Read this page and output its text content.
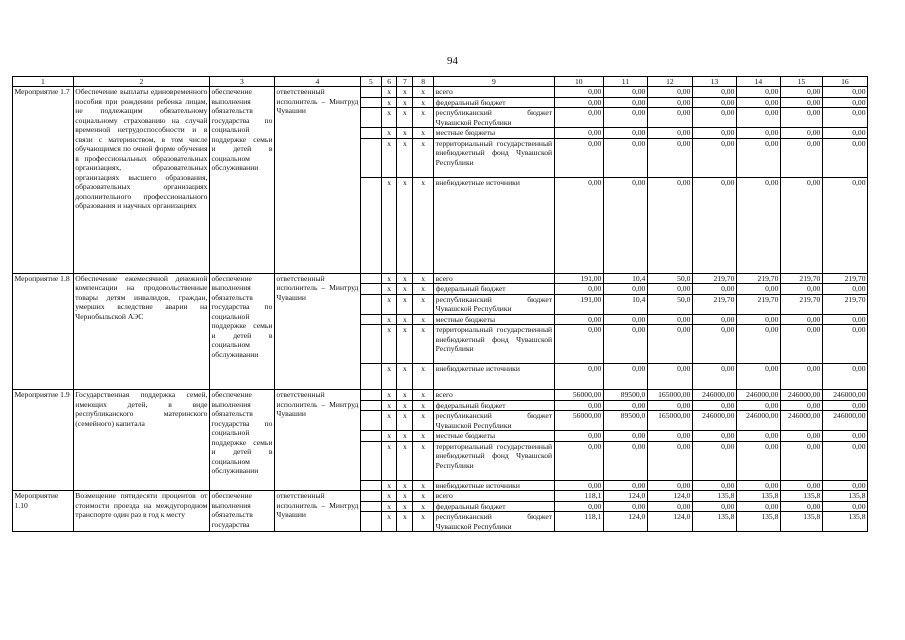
94
1	2	3	4	5	6	7	8	9	10	11	12	13	14	15	16
Мероприятие 1.7	Обеспечение выплаты единовременного пособия при рождении ребенка лицам, не подлежащим обязательному социальному страхованию на случай временной нетрудоспособности и в связи с материнством, в том числе обучающимся по очной форме обучения в профессиональных образовательных организациях, образовательных организациях высшего образования, образовательных организациях дополнительного профессионального образования и научных организациях	обеспечение выполнения обязательств государства по социальной поддержке семьи и детей в социальном обслуживании	ответственный исполнитель – Минтруд Чувашии		х	х	х	всего	0,00	0,00	0,00	0,00	0,00	0,00	0,00
					х	х	х	федеральный бюджет	0,00	0,00	0,00	0,00	0,00	0,00	0,00
					х	х	х	республиканский бюджет Чувашской Республики	0,00	0,00	0,00	0,00	0,00	0,00	0,00
					х	х	х	местные бюджеты	0,00	0,00	0,00	0,00	0,00	0,00	0,00
					х	х	х	территориальный государственный внебюджетный фонд Чувашской Республики	0,00	0,00	0,00	0,00	0,00	0,00	0,00
					х	х	х	внебюджетные источники	0,00	0,00	0,00	0,00	0,00	0,00	0,00
Мероприятие 1.8	Обеспечение ежемесячной денежной компенсации на продовольственные товары детям инвалидов, граждан, умерших вследствие аварии на Чернобыльской АЭС	обеспечение выполнения обязательств государства по социальной поддержке семьи и детей в социальном обслуживании	ответственный исполнитель – Минтруд Чувашии		х	х	х	всего	191,00	10,4	50,0	219,70	219,70	219,70	219,70
					х	х	х	федеральный бюджет	0,00	0,00	0,00	0,00	0,00	0,00	0,00
					х	х	х	республиканский бюджет Чувашской Республики	191,00	10,4	50,0	219,70	219,70	219,70	219,70
					х	х	х	местные бюджеты	0,00	0,00	0,00	0,00	0,00	0,00	0,00
					х	х	х	территориальный государственный внебюджетный фонд Чувашской Республики	0,00	0,00	0,00	0,00	0,00	0,00	0,00
					х	х	х	внебюджетные источники	0,00	0,00	0,00	0,00	0,00	0,00	0,00
Мероприятие 1.9	Государственная поддержка семей, имеющих детей, в виде республиканского материнского (семейного) капитала	обеспечение выполнения обязательств государства по социальной поддержке семьи и детей в социальном обслуживании	ответственный исполнитель – Минтруд Чувашии		х	х	х	всего	56000,00	89500,0	165000,00	246000,00	246000,00	246000,00	246000,00
					х	х	х	федеральный бюджет	0,00	0,00	0,00	0,00	0,00	0,00	0,00
					х	х	х	республиканский бюджет Чувашской Республики	56000,00	89500,0	165000,00	246000,00	246000,00	246000,00	246000,00
					х	х	х	местные бюджеты	0,00	0,00	0,00	0,00	0,00	0,00	0,00
					х	х	х	территориальный государственный внебюджетный фонд Чувашской Республики	0,00	0,00	0,00	0,00	0,00	0,00	0,00
					х	х	х	внебюджетные источники	0,00	0,00	0,00	0,00	0,00	0,00	0,00
Мероприятие 1.10	Возмещение пятидесяти процентов от стоимости проезда на междугородном транспорте один раз в год к месту	обеспечение выполнения обязательств государства	ответственный исполнитель – Минтруд Чувашии		х	х	х	всего	118,1	124,0	124,0	135,8	135,8	135,8	135,8
					х	х	х	федеральный бюджет	0,00	0,00	0,00	0,00	0,00	0,00	0,00
					х	х	х	республиканский бюджет Чувашской Республики	118,1	124,0	124,0	135,8	135,8	135,8	135,8
